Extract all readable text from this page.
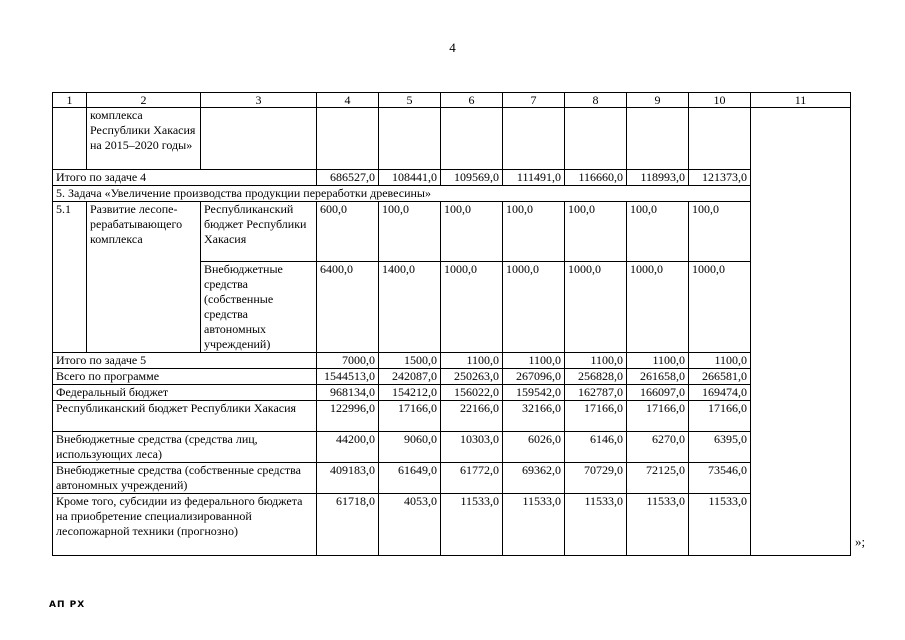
4
1	2	3	4	5	6	7	8	9	10	11
	комплекса Республики Хакасия на 2015–2020 годы»									
Итого по задаче 4			686527,0	108441,0	109569,0	111491,0	116660,0	118993,0	121373,0	
5. Задача «Увеличение производства продукции переработки древесины»										
5.1	Развитие лесопе-рерабатывающего комплекса	Республиканский бюджет Республики Хакасия	600,0	100,0	100,0	100,0	100,0	100,0	100,0	
		Внебюджетные средства (собственные средства автономных учреждений)	6400,0	1400,0	1000,0	1000,0	1000,0	1000,0	1000,0	
Итого по задаче 5			7000,0	1500,0	1100,0	1100,0	1100,0	1100,0	1100,0	
Всего по программе			1544513,0	242087,0	250263,0	267096,0	256828,0	261658,0	266581,0	
Федеральный бюджет			968134,0	154212,0	156022,0	159542,0	162787,0	166097,0	169474,0	
Республиканский бюджет Республики Хакасия			122996,0	17166,0	22166,0	32166,0	17166,0	17166,0	17166,0	
Внебюджетные средства (средства лиц, использующих леса)			44200,0	9060,0	10303,0	6026,0	6146,0	6270,0	6395,0	
Внебюджетные средства (собственные средства автономных учреждений)			409183,0	61649,0	61772,0	69362,0	70729,0	72125,0	73546,0	
Кроме того, субсидии из федерального бюджета на приобретение специализированной лесопожарной техники (прогнозно)			61718,0	4053,0	11533,0	11533,0	11533,0	11533,0	11533,0	
»;
АП РХ
